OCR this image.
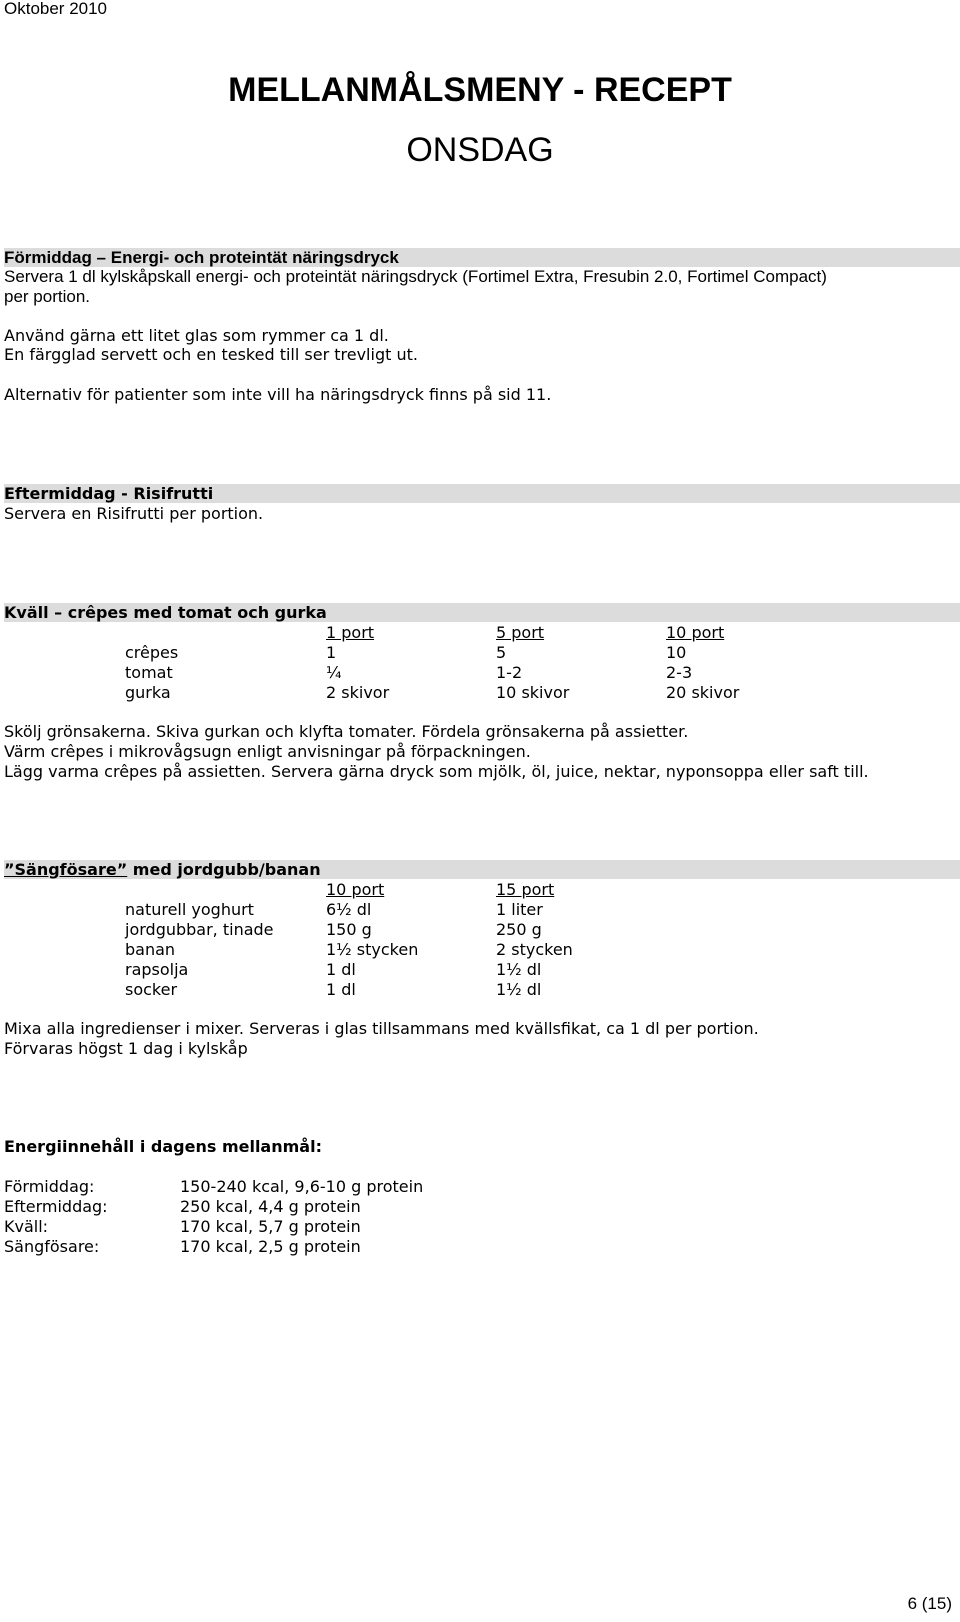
Oktober 2010
MELLANMÅLSMENY - RECEPT
ONSDAG
Förmiddag – Energi- och proteintät näringsdryck
Servera 1 dl kylskåpskall energi- och proteintät näringsdryck (Fortimel Extra, Fresubin 2.0, Fortimel Compact)
per portion.
Använd gärna ett litet glas som rymmer ca 1 dl.
En färgglad servett och en tesked till ser trevligt ut.
Alternativ för patienter som inte vill ha näringsdryck finns på sid 11.
Eftermiddag - Risifrutti
Servera en Risifrutti per portion.
Kväll – crêpes med tomat och gurka
1 port	5 port	10 port
crêpes	1	5	10
tomat	¼	1-2	2-3
gurka	2 skivor	10 skivor	20 skivor
Skölj grönsakerna. Skiva gurkan och klyfta tomater. Fördela grönsakerna på assietter.
Värm crêpes i mikrovågsugn enligt anvisningar på förpackningen.
Lägg varma crêpes på assietten. Servera gärna dryck som mjölk, öl, juice, nektar, nyponsoppa eller saft till.
”Sängfösare” med jordgubb/banan
10 port	15 port
naturell yoghurt	6½ dl	1 liter
jordgubbar, tinade	150 g	250 g
banan	1½ stycken	2 stycken
rapsolja	1 dl	1½ dl
socker	1 dl	1½ dl
Mixa alla ingredienser i mixer. Serveras i glas tillsammans med kvällsfikat, ca 1 dl per portion.
Förvaras högst 1 dag i kylskåp
Energiinnehåll i dagens mellanmål:
Förmiddag:	150-240 kcal, 9,6-10 g protein
Eftermiddag:	250 kcal, 4,4 g protein
Kväll:	170 kcal, 5,7 g protein
Sängfösare:	170 kcal, 2,5 g protein
6 (15)
